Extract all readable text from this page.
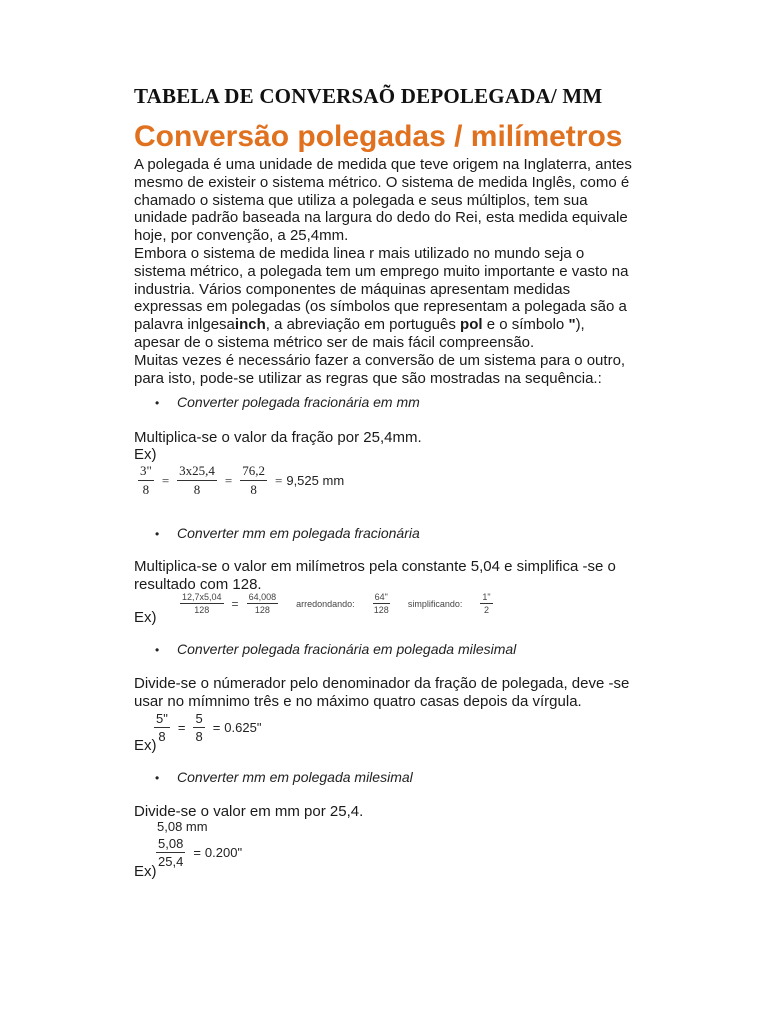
TABELA DE CONVERSAÕ DEPOLEGADA/ MM
Conversão polegadas / milímetros

A polegada é uma unidade de medida que teve origem na Inglaterra, antes mesmo de existeir o sistema métrico. O sistema de medida Inglês, como é chamado o sistema que utiliza a polegada e seus múltiplos, tem sua unidade padrão baseada na largura do dedo do Rei, esta medida equivale hoje, por convenção, a 25,4mm.

Embora o sistema de medida linea r mais utilizado no mundo seja o sistema métrico, a polegada tem um emprego muito importante e vasto na industria. Vários componentes de máquinas apresentam medidas expressas em polegadas (os símbolos que representam a polegada são a palavra inlgesainch, a abreviação em português pol e o símbolo "), apesar de o sistema métrico ser de mais fácil compreensão.

Muitas vezes é necessário fazer a conversão de um sistema para o outro, para isto, pode-se utilizar as regras que são mostradas na sequência.:

• Converter polegada fracionária em mm
Multiplica-se o valor da fração por 25,4mm.
Ex)
$\frac{3"}{8} = \frac{3x25,4}{8} = \frac{76,2}{8} = 9,525$ mm
• Converter mm em polegada fracionária
Multiplica-se o valor em milímetros pela constante 5,04 e simplifica -se o resultado com 128.
$\frac{12,7x5,04}{128} = \frac{64,008}{128}$ arredondando: $\frac{64"}{128}$ simplificando: $\frac{1"}{2}$
Ex)
• Converter polegada fracionária em polegada milesimal
Divide-se o númerador pelo denominador da fração de polegada, deve -se usar no mímnimo três e no máximo quatro casas depois da vírgula.
$\frac{5"}{8} = \frac{5}{8} = 0.625$"
Ex)
• Converter mm em polegada milesimal
Divide-se o valor em mm por 25,4.
5,08 mm
$\frac{5,08}{25,4} = 0.200$"
Ex)
